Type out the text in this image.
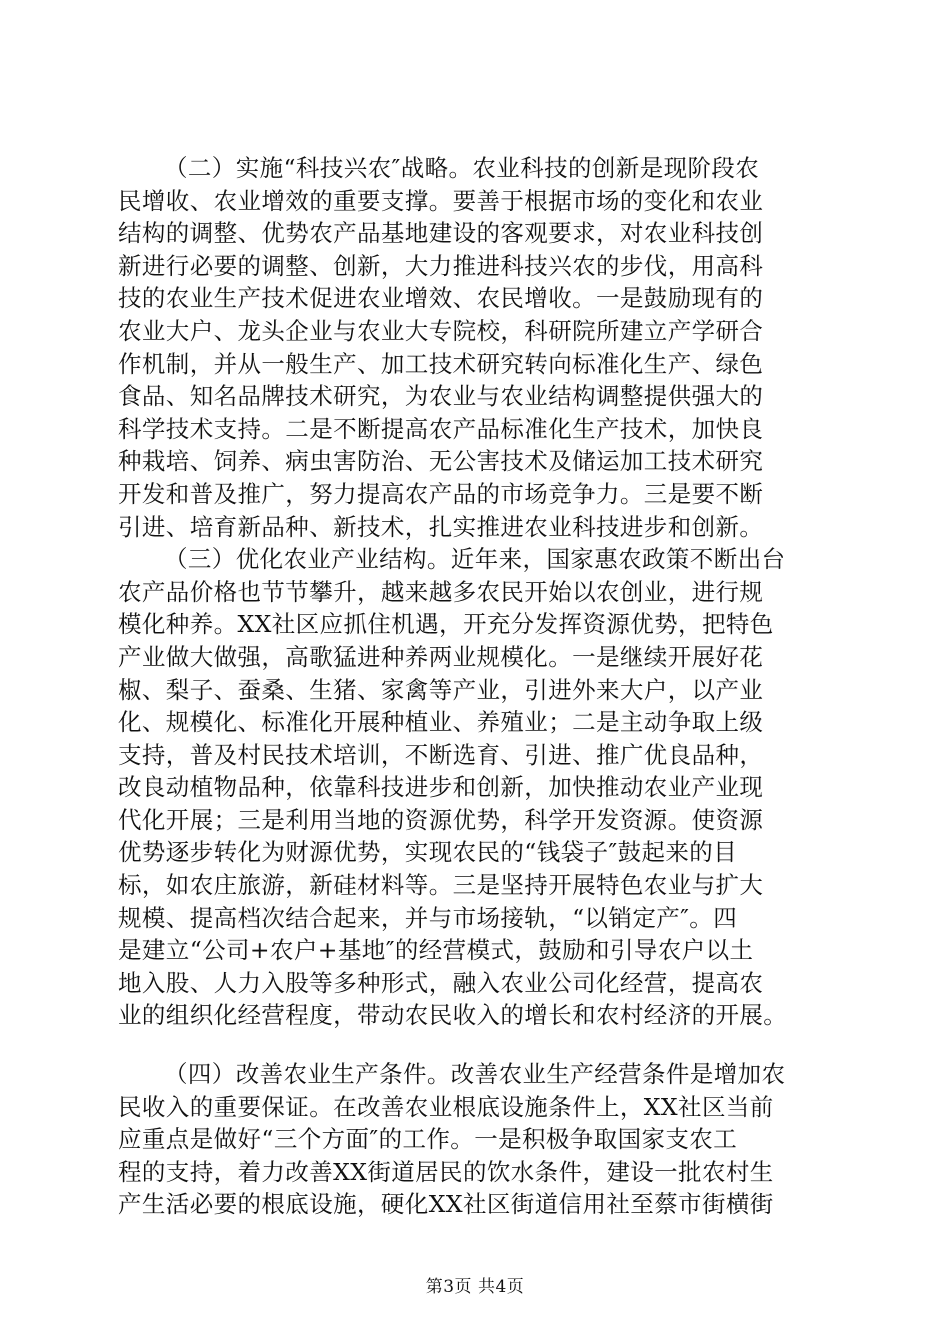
（二）实施“科技兴农″战略。农业科技的创新是现阶段农
民增收、农业增效的重要支撑。要善于根据市场的变化和农业
结构的调整、优势农产品基地建设的客观要求，对农业科技创
新进行必要的调整、创新，大力推进科技兴农的步伐，用高科
技的农业生产技术促进农业增效、农民增收。一是鼓励现有的
农业大户、龙头企业与农业大专院校，科研院所建立产学研合
作机制，并从一般生产、加工技术研究转向标准化生产、绿色
食品、知名品牌技术研究，为农业与农业结构调整提供强大的
科学技术支持。二是不断提高农产品标准化生产技术，加快良
种栽培、饲养、病虫害防治、无公害技术及储运加工技术研究
开发和普及推广，努力提高农产品的市场竞争力。三是要不断
引进、培育新品种、新技术，扎实推进农业科技进步和创新。
（三）优化农业产业结构。近年来，国家惠农政策不断出台
农产品价格也节节攀升，越来越多农民开始以农创业，进行规
模化种养。XX社区应抓住机遇，开充分发挥资源优势，把特色
产业做大做强，高歌猛进种养两业规模化。一是继续开展好花
椒、梨子、蚕桑、生猪、家禽等产业，引进外来大户，以产业
化、规模化、标准化开展种植业、养殖业；二是主动争取上级
支持，普及村民技术培训，不断选育、引进、推广优良品种，
改良动植物品种，依靠科技进步和创新，加快推动农业产业现
代化开展；三是利用当地的资源优势，科学开发资源。使资源
优势逐步转化为财源优势，实现农民的“钱袋子″鼓起来的目
标，如农庄旅游，新硅材料等。三是坚持开展特色农业与扩大
规模、提高档次结合起来，并与市场接轨，“以销定产″。四
是建立“公司+农户+基地″的经营模式，鼓励和引导农户以土
地入股、人力入股等多种形式，融入农业公司化经营，提高农
业的组织化经营程度，带动农民收入的增长和农村经济的开展。
（四）改善农业生产条件。改善农业生产经营条件是增加农
民收入的重要保证。在改善农业根底设施条件上，XX社区当前
应重点是做好“三个方面″的工作。一是积极争取国家支农工
程的支持，着力改善XX街道居民的饮水条件，建设一批农村生
产生活必要的根底设施，硬化XX社区街道信用社至蔡市街横街
第3页 共4页
